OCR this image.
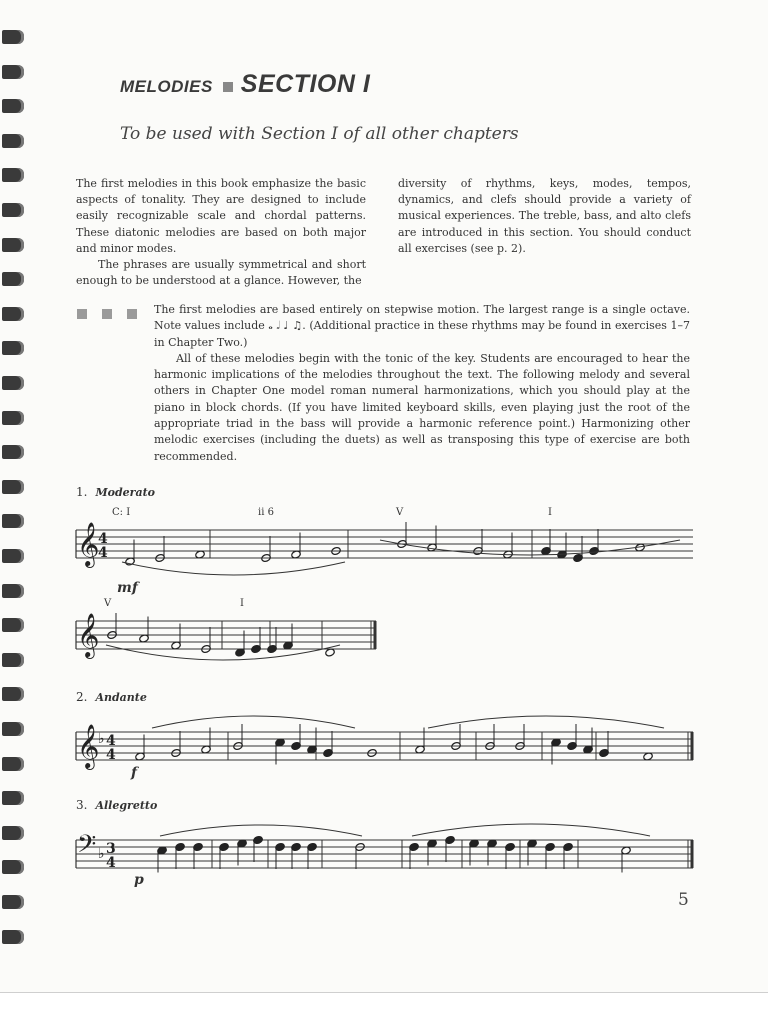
MELODIES SECTION I
To be used with Section I of all other chapters

The first melodies in this book emphasize the basic aspects of tonality. They are designed to include easily recognizable scale and chordal patterns. These diatonic melodies are based on both major and minor modes.

The phrases are usually symmetrical and short enough to be understood at a glance. However, the

diversity of rhythms, keys, modes, tempos, dynamics, and clefs should provide a variety of musical experiences. The treble, bass, and alto clefs are introduced in this section. You should conduct all exercises (see p. 2).

The first melodies are based entirely on stepwise motion. The largest range is a single octave. Note values include 𝅝 𝅗𝅥 ♩ ♫. (Additional practice in these rhythms may be found in exercises 1–7 in Chapter Two.)

All of these melodies begin with the tonic of the key. Students are encouraged to hear the harmonic implications of the melodies throughout the text. The following melody and several others in Chapter One model roman numeral harmonizations, which you should play at the piano in block chords. (If you have limited keyboard skills, even playing just the root of the appropriate triad in the bass will provide a harmonic reference point.) Harmonizing other melodic exercises (including the duets) as well as transposing this type of exercise are both recommended.

1. Moderato
C: I	ii 6	V	I
mf
V	I
2. Andante
f
3. Allegretto
p
𝄞
4
4
𝄞
𝄞
♭ 4
4
𝄢 ♭ 3
4
5
